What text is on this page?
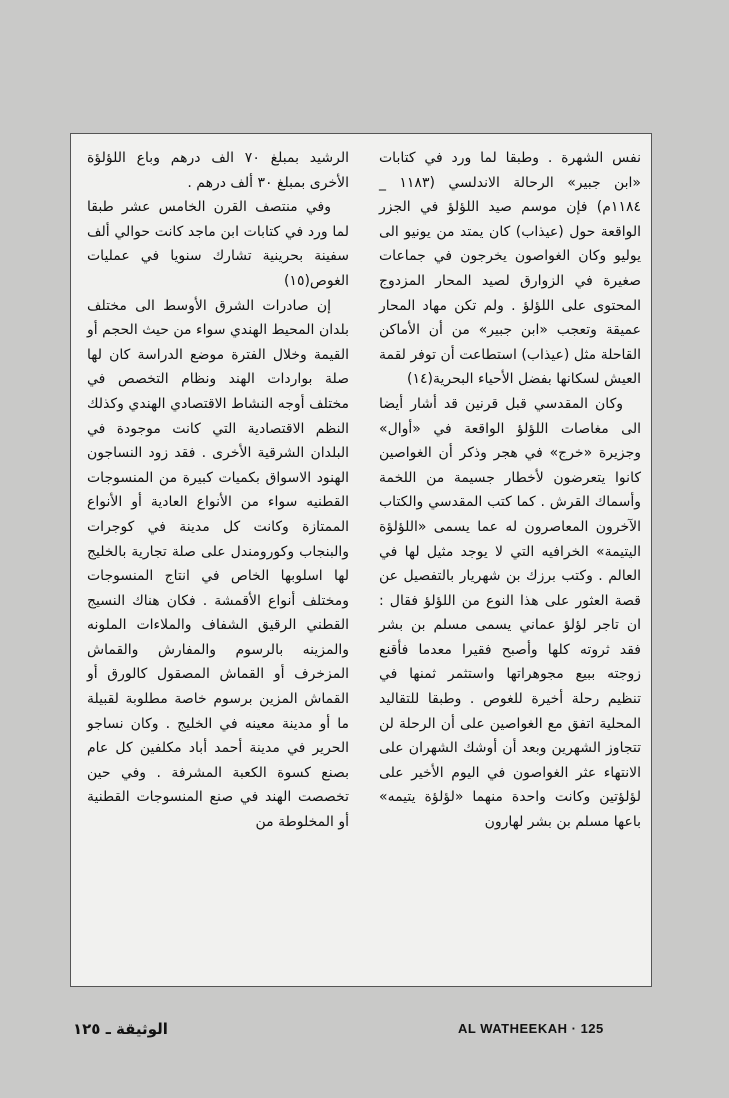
نفس الشهرة . وطبقا لما ورد في كتابات «ابن جبير» الرحالة الاندلسي (١١٨٣ _ ١١٨٤م) فإن موسم صيد اللؤلؤ في الجزر الواقعة حول (عيذاب) كان يمتد من يونيو الى يوليو وكان الغواصون يخرجون في جماعات صغيرة في الزوارق لصيد المحار المزدوج المحتوى على اللؤلؤ . ولم تكن مهاد المحار عميقة وتعجب «ابن جبير» من أن الأماكن القاحلة مثل (عيذاب) استطاعت أن توفر لقمة العيش لسكانها بفضل الأحياء البحرية(١٤)

وكان المقدسي قبل قرنين قد أشار أيضا الى مغاصات اللؤلؤ الواقعة في «أوال» وجزيرة «خرج» في هجر وذكر أن الغواصين كانوا يتعرضون لأخطار جسيمة من اللخمة وأسماك القرش . كما كتب المقدسي والكتاب الآخرون المعاصرون له عما يسمى «اللؤلؤة اليتيمة» الخرافيه التي لا يوجد مثيل لها في العالم . وكتب برزك بن شهريار بالتفصيل عن قصة العثور على هذا النوع من اللؤلؤ فقال : ان تاجر لؤلؤ عماني يسمى مسلم بن بشر فقد ثروته كلها وأصبح فقيرا معدما فأقنع زوجته ببيع مجوهراتها واستثمر ثمنها في تنظيم رحلة أخيرة للغوص . وطبقا للتقاليد المحلية اتفق مع الغواصين على أن الرحلة لن تتجاوز الشهرين وبعد أن أوشك الشهران على الانتهاء عثر الغواصون في اليوم الأخير على لؤلؤتين وكانت واحدة منهما «لؤلؤة يتيمه» باعها مسلم بن بشر لهارون

الرشيد بمبلغ ٧٠ الف درهم وباع اللؤلؤة الأخرى بمبلغ ٣٠ ألف درهم .

وفي منتصف القرن الخامس عشر طبقا لما ورد في كتابات ابن ماجد كانت حوالي ألف سفينة بحرينية تشارك سنويا في عمليات الغوص(١٥)

إن صادرات الشرق الأوسط الى مختلف بلدان المحيط الهندي سواء من حيث الحجم أو القيمة وخلال الفترة موضع الدراسة كان لها صلة بواردات الهند ونظام التخصص في مختلف أوجه النشاط الاقتصادي الهندي وكذلك النظم الاقتصادية التي كانت موجودة في البلدان الشرقية الأخرى . فقد زود النساجون الهنود الاسواق بكميات كبيرة من المنسوجات القطنيه سواء من الأنواع العادية أو الأنواع الممتازة وكانت كل مدينة في كوجرات والبنجاب وكورومندل على صلة تجارية بالخليج لها اسلوبها الخاص في انتاج المنسوجات ومختلف أنواع الأقمشة . فكان هناك النسيج القطني الرقيق الشفاف والملاءات الملونه والمزينه بالرسوم والمفارش والقماش المزخرف أو القماش المصقول كالورق أو القماش المزين برسوم خاصة مطلوبة لقبيلة ما أو مدينة معينه في الخليج . وكان نساجو الحرير في مدينة أحمد أباد مكلفين كل عام بصنع كسوة الكعبة المشرفة . وفي حين تخصصت الهند في صنع المنسوجات القطنية أو المخلوطة من

الوثيقة ـ ١٢٥	AL WATHEEKAH · 125
